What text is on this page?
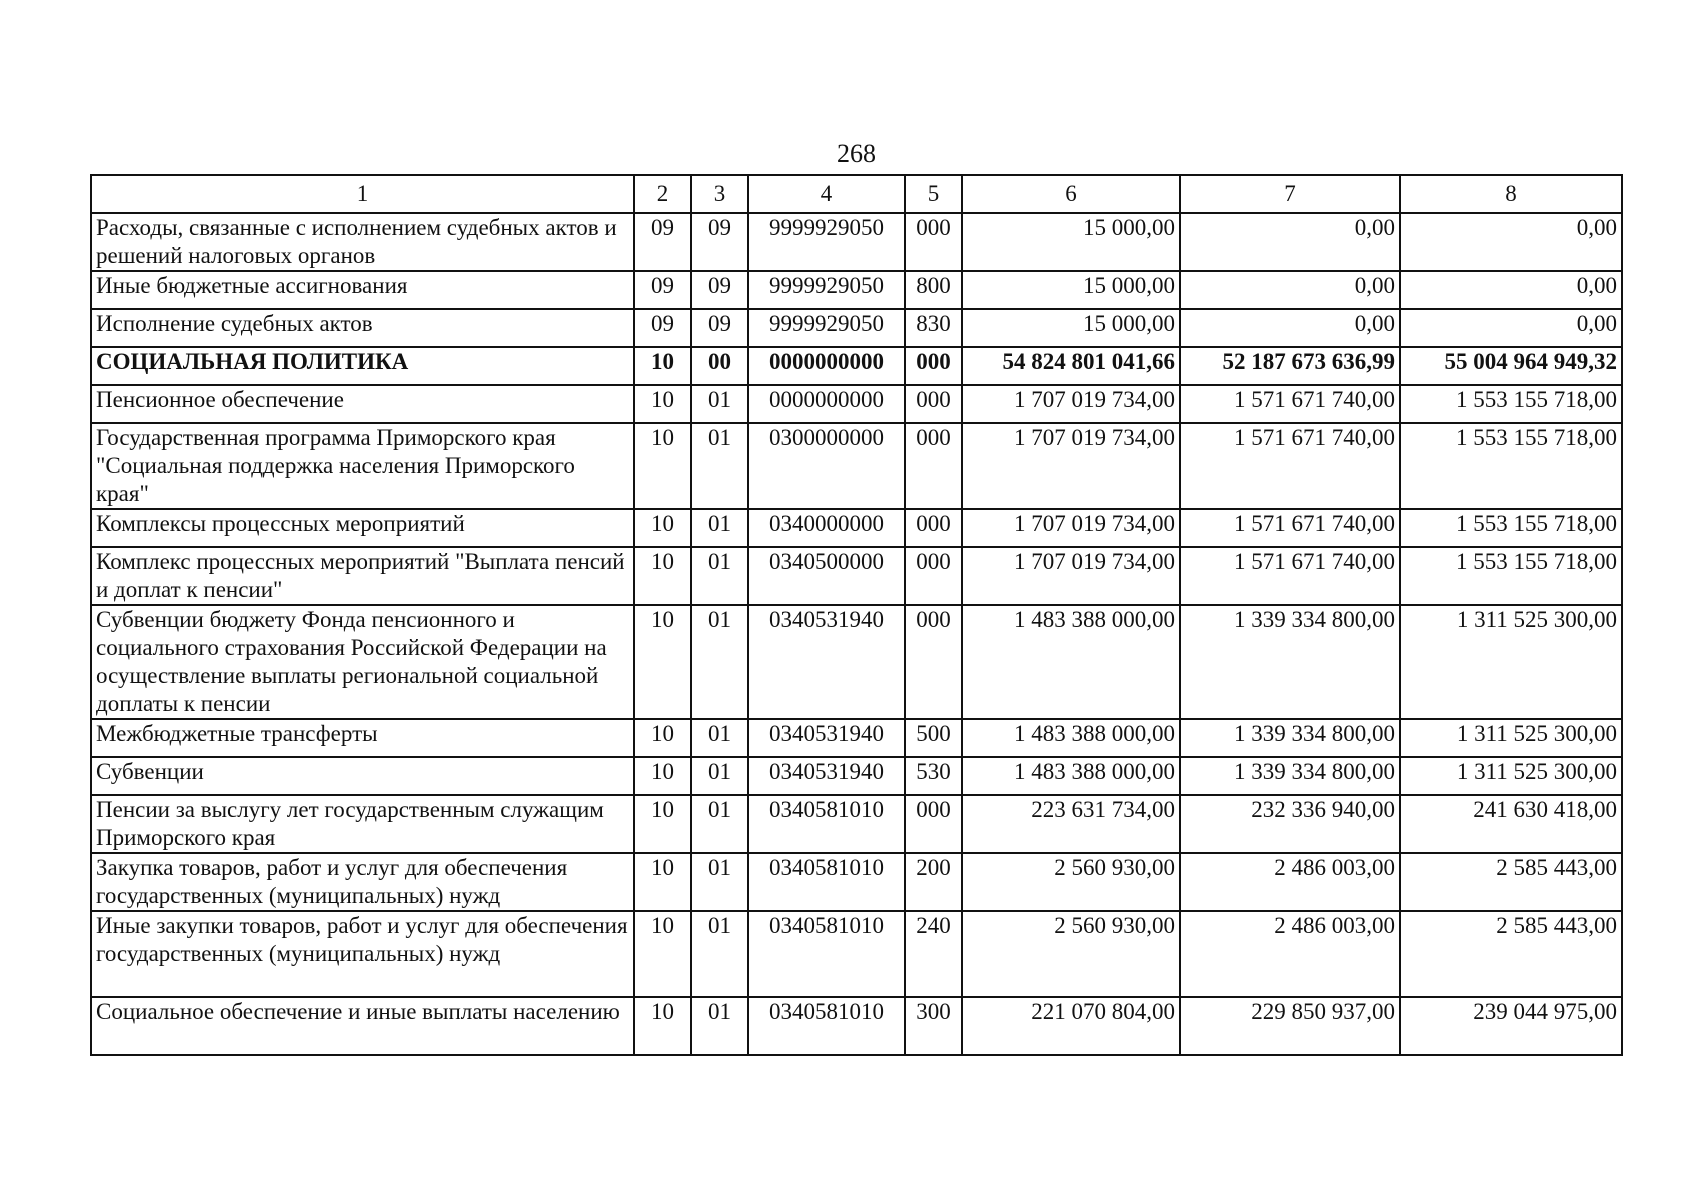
268
1	2	3	4	5	6	7	8
Расходы, связанные с исполнением судебных актов и решений налоговых органов	09	09	9999929050	000	15 000,00	0,00	0,00
Иные бюджетные ассигнования	09	09	9999929050	800	15 000,00	0,00	0,00
Исполнение судебных актов	09	09	9999929050	830	15 000,00	0,00	0,00
СОЦИАЛЬНАЯ ПОЛИТИКА	10	00	0000000000	000	54 824 801 041,66	52 187 673 636,99	55 004 964 949,32
Пенсионное обеспечение	10	01	0000000000	000	1 707 019 734,00	1 571 671 740,00	1 553 155 718,00
Государственная программа Приморского края "Социальная поддержка населения Приморского края"	10	01	0300000000	000	1 707 019 734,00	1 571 671 740,00	1 553 155 718,00
Комплексы процессных мероприятий	10	01	0340000000	000	1 707 019 734,00	1 571 671 740,00	1 553 155 718,00
Комплекс процессных мероприятий "Выплата пенсий и доплат к пенсии"	10	01	0340500000	000	1 707 019 734,00	1 571 671 740,00	1 553 155 718,00
Субвенции бюджету Фонда пенсионного и социального страхования Российской Федерации на осуществление выплаты региональной социальной доплаты к пенсии	10	01	0340531940	000	1 483 388 000,00	1 339 334 800,00	1 311 525 300,00
Межбюджетные трансферты	10	01	0340531940	500	1 483 388 000,00	1 339 334 800,00	1 311 525 300,00
Субвенции	10	01	0340531940	530	1 483 388 000,00	1 339 334 800,00	1 311 525 300,00
Пенсии за выслугу лет государственным служащим Приморского края	10	01	0340581010	000	223 631 734,00	232 336 940,00	241 630 418,00
Закупка товаров, работ и услуг для обеспечения государственных (муниципальных) нужд	10	01	0340581010	200	2 560 930,00	2 486 003,00	2 585 443,00
Иные закупки товаров, работ и услуг для обеспечения государственных (муниципальных) нужд	10	01	0340581010	240	2 560 930,00	2 486 003,00	2 585 443,00
Социальное обеспечение и иные выплаты населению	10	01	0340581010	300	221 070 804,00	229 850 937,00	239 044 975,00
